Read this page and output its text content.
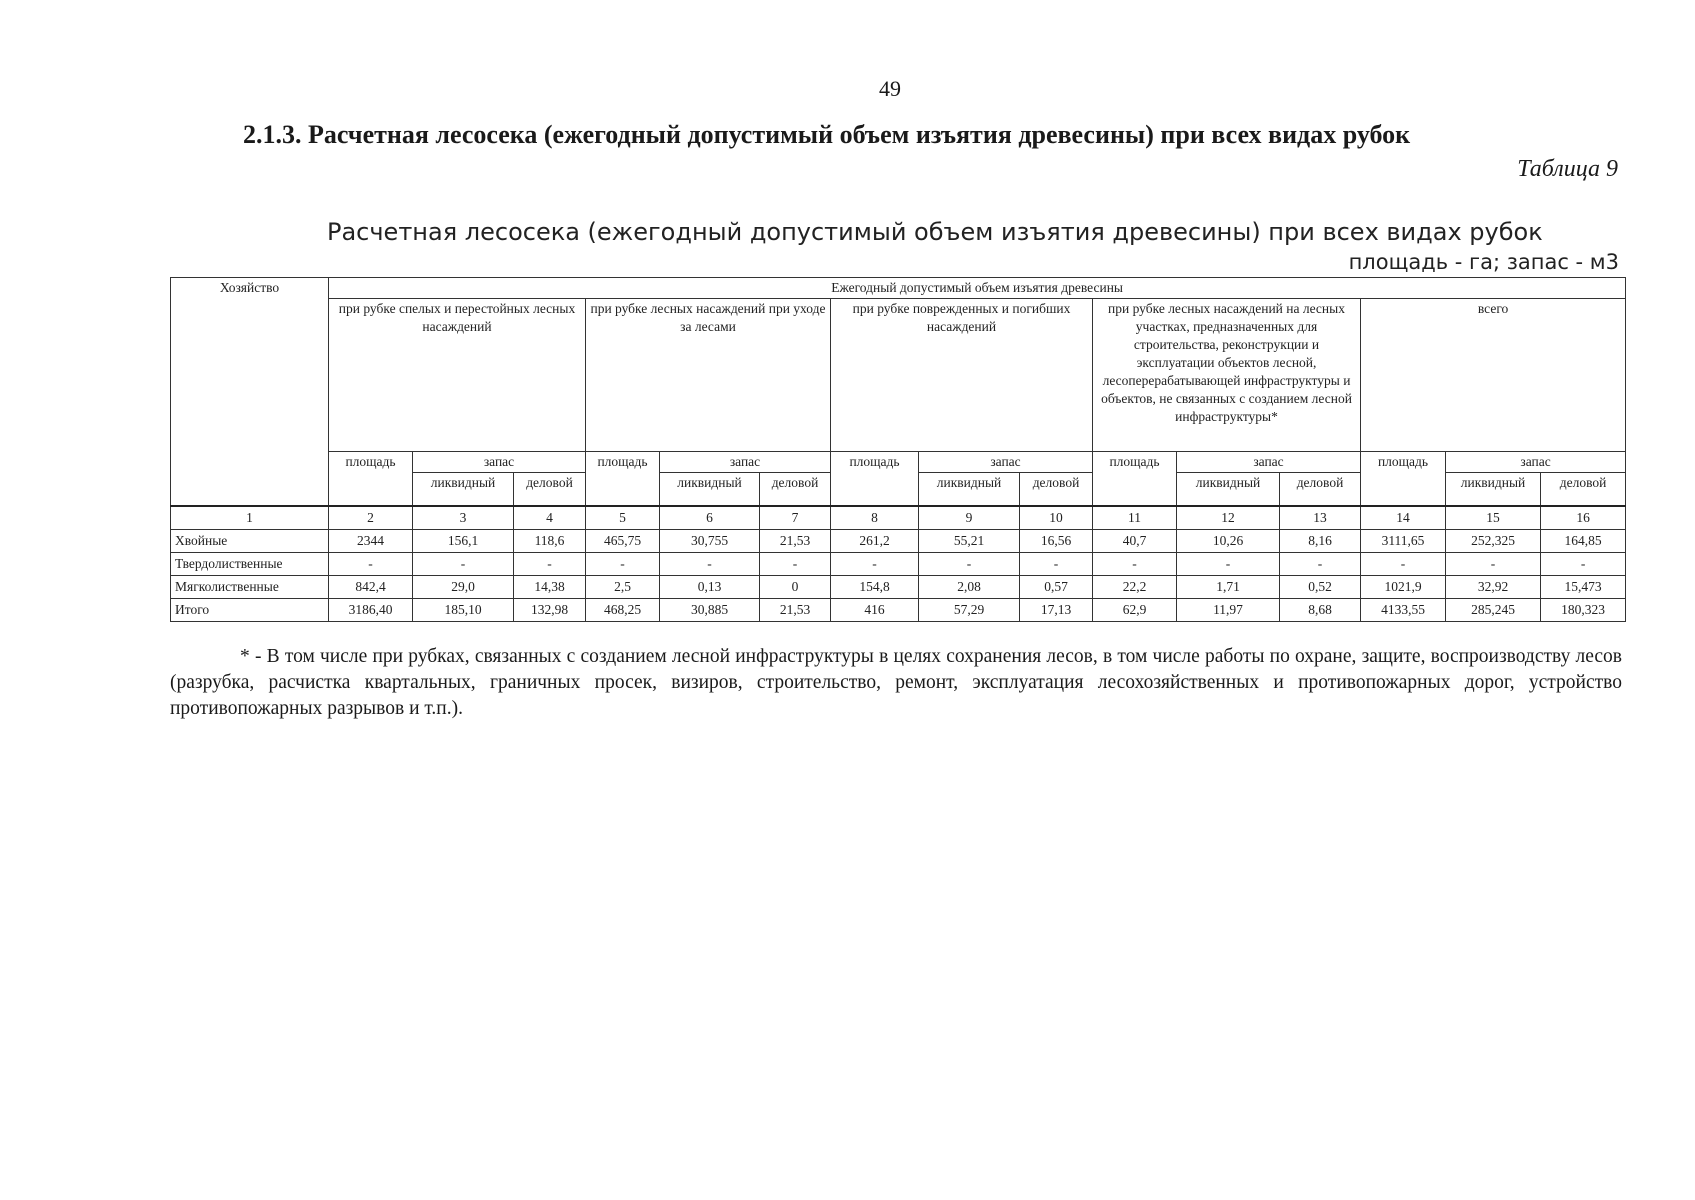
49
2.1.3. Расчетная лесосека (ежегодный допустимый объем изъятия древесины) при всех видах рубок
Таблица 9
Расчетная лесосека (ежегодный допустимый объем изъятия древесины) при всех видах рубок
площадь - га; запас - м3
Хозяйство	Ежегодный допустимый объем изъятия древесины														
	при рубке спелых и перестойных лесных насаждений			при рубке лесных насаждений при уходе за лесами			при рубке поврежденных и погибших насаждений			при рубке лесных насаждений на лесных участках, предназначенных для строительства, реконструкции и эксплуатации объектов лесной, лесоперерабатывающей инфраструктуры и объектов, не связанных с созданием лесной инфраструктуры*			всего		
	площадь	запас		площадь	запас		площадь	запас		площадь	запас		площадь	запас	
		ликвидный	деловой		ликвидный	деловой		ликвидный	деловой		ликвидный	деловой		ликвидный	деловой
1	2	3	4	5	6	7	8	9	10	11	12	13	14	15	16
Хвойные	2344	156,1	118,6	465,75	30,755	21,53	261,2	55,21	16,56	40,7	10,26	8,16	3111,65	252,325	164,85
Твердолиственные	-	-	-	-	-	-	-	-	-	-	-	-	-	-	-
Мягколиственные	842,4	29,0	14,38	2,5	0,13	0	154,8	2,08	0,57	22,2	1,71	0,52	1021,9	32,92	15,473
Итого	3186,40	185,10	132,98	468,25	30,885	21,53	416	57,29	17,13	62,9	11,97	8,68	4133,55	285,245	180,323
* - В том числе при рубках, связанных с созданием лесной инфраструктуры в целях сохранения лесов, в том числе работы по охране, защите, воспроизводству лесов (разрубка, расчистка квартальных, граничных просек, визиров, строительство, ремонт, эксплуатация лесохозяйственных и противопожарных дорог, устройство противопожарных разрывов и т.п.).
